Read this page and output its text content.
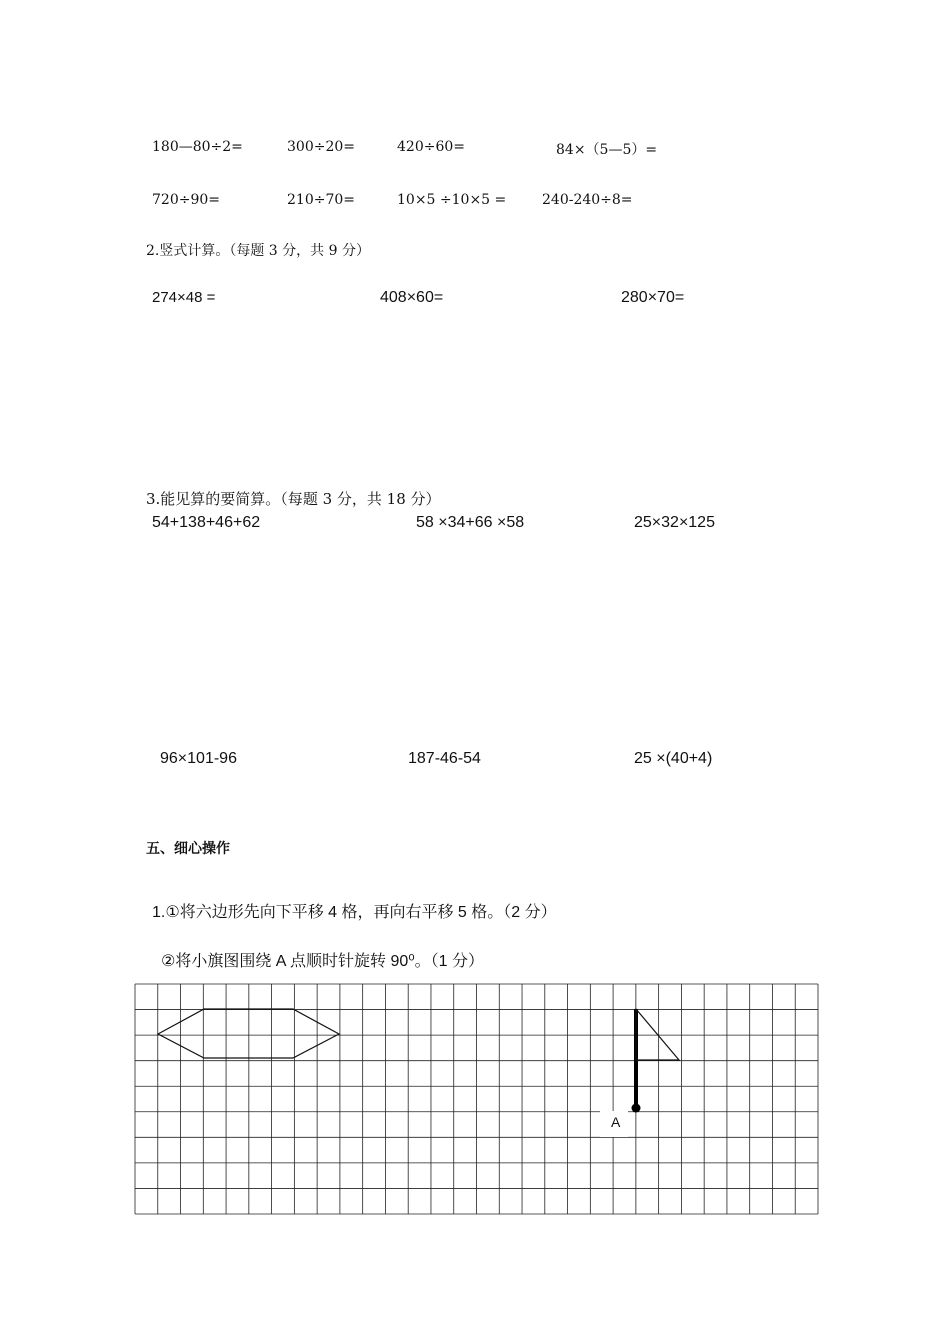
180—80÷2=	300÷20=	420÷60=	84×（5—5）=
720÷90=	210÷70=	10×5 ÷10×5 =	240-240÷8=
2.竖式计算。（每题 3 分，共 9 分）
274×48 =	408×60=	280×70=
3.能见算的要简算。（每题 3 分，共 18 分）
54+138+46+62	58 ×34+66 ×58	25×32×125
96×101-96	187-46-54	25 ×(40+4)
五、细心操作
1.①将六边形先向下平移 4 格，再向右平移 5 格。（2 分）
②将小旗图围绕 A 点顺时针旋转 90⁰。（1 分）
A
